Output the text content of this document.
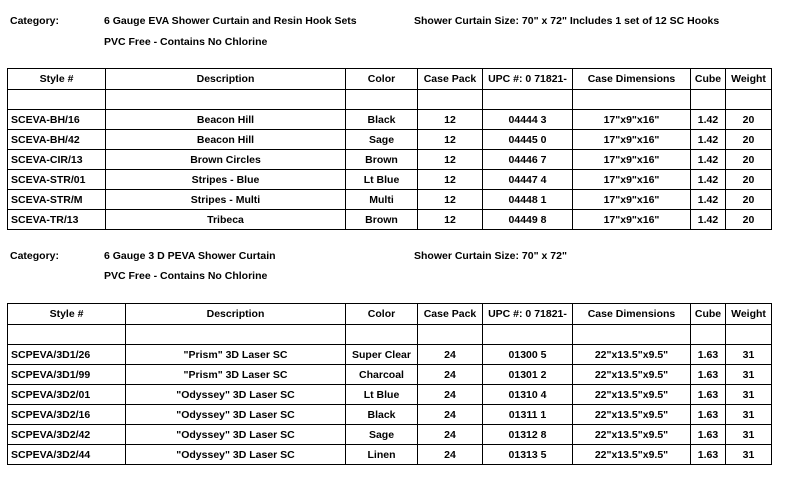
Category:	6 Gauge EVA Shower Curtain and Resin Hook Sets	Shower Curtain Size: 70" x 72" Includes 1 set of 12 SC Hooks
PVC Free - Contains No Chlorine
Style #	Description	Color	Case Pack	UPC #: 0 71821-	Case Dimensions	Cube	Weight

SCEVA-BH/16	Beacon Hill	Black	12	04444 3	17"x9"x16"	1.42	20
SCEVA-BH/42	Beacon Hill	Sage	12	04445 0	17"x9"x16"	1.42	20
SCEVA-CIR/13	Brown Circles	Brown	12	04446 7	17"x9"x16"	1.42	20
SCEVA-STR/01	Stripes - Blue	Lt Blue	12	04447 4	17"x9"x16"	1.42	20
SCEVA-STR/M	Stripes - Multi	Multi	12	04448 1	17"x9"x16"	1.42	20
SCEVA-TR/13	Tribeca	Brown	12	04449 8	17"x9"x16"	1.42	20
Category:	6 Gauge 3 D PEVA Shower Curtain	Shower Curtain Size: 70" x 72"
PVC Free - Contains No Chlorine
Style #	Description	Color	Case Pack	UPC #: 0 71821-	Case Dimensions	Cube	Weight

SCPEVA/3D1/26	"Prism" 3D Laser SC	Super Clear	24	01300 5	22"x13.5"x9.5"	1.63	31
SCPEVA/3D1/99	"Prism" 3D Laser SC	Charcoal	24	01301 2	22"x13.5"x9.5"	1.63	31
SCPEVA/3D2/01	"Odyssey" 3D Laser SC	Lt Blue	24	01310 4	22"x13.5"x9.5"	1.63	31
SCPEVA/3D2/16	"Odyssey" 3D Laser SC	Black	24	01311 1	22"x13.5"x9.5"	1.63	31
SCPEVA/3D2/42	"Odyssey" 3D Laser SC	Sage	24	01312 8	22"x13.5"x9.5"	1.63	31
SCPEVA/3D2/44	"Odyssey" 3D Laser SC	Linen	24	01313 5	22"x13.5"x9.5"	1.63	31
